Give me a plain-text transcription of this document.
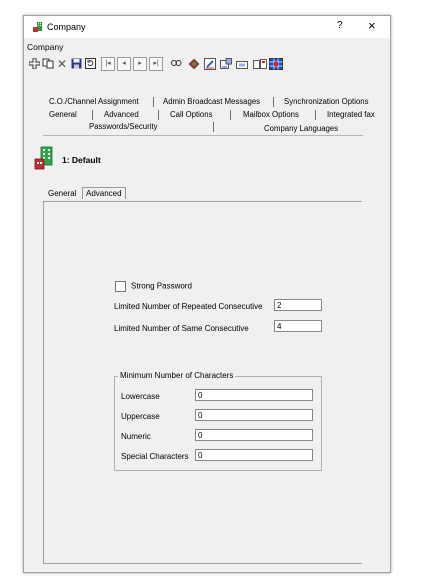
Company	?	×
Company
✕	|◂	◂	▸	▸|
C.O./Channel Assignment	Admin Broadcast Messages	Synchronization Options
General	Advanced	Call Options	Mailbox Options	Integrated fax
Passwords/Security	Company Languages
1: Default
General	Advanced
Strong Password
Limited Number of Repeated Consecutive
2
Limited Number of Same Consecutive
4
Minimum Number of Characters
Lowercase
0
Uppercase
0
Numeric
0
Special Characters
0
